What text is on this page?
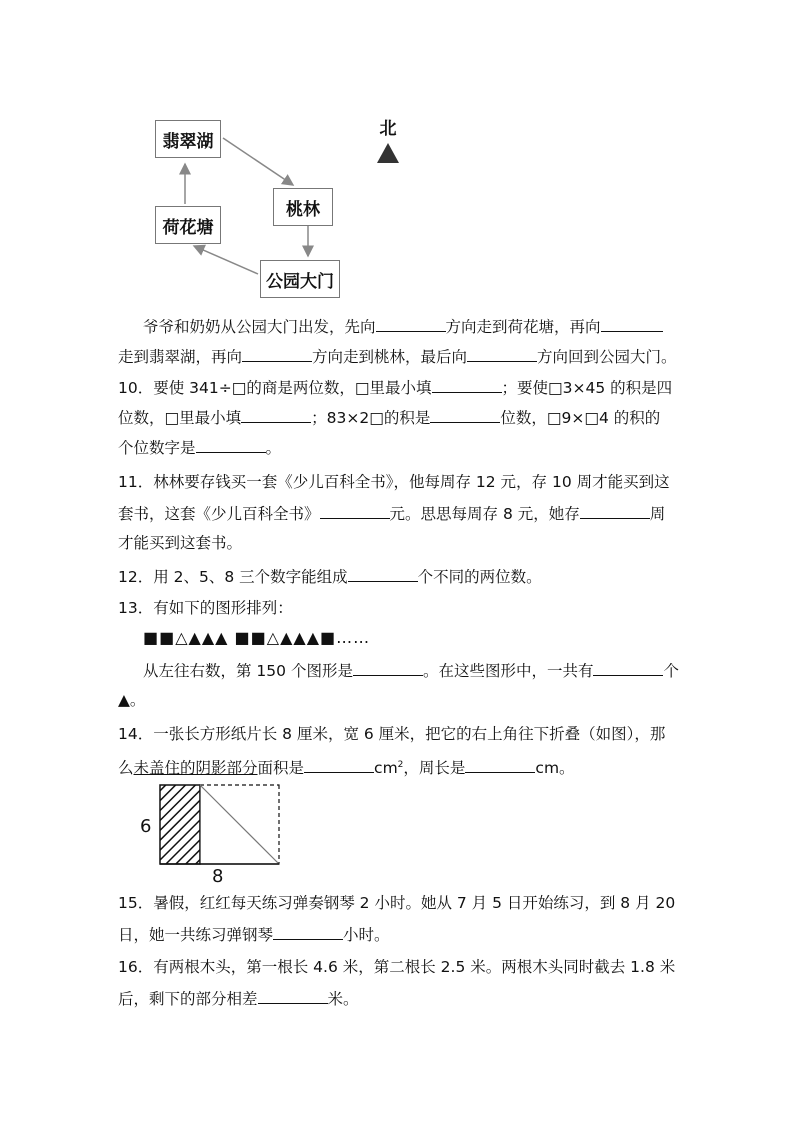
翡翠湖
桃林
荷花塘
公园大门
北
爷爷和奶奶从公园大门出发，先向	方向走到荷花塘，再向
走到翡翠湖，再向	方向走到桃林，最后向	方向回到公园大门。
10．要使 341÷□的商是两位数，□里最小填	；要使□3×45 的积是四
位数，□里最小填	；83×2□的积是	位数，□9×□4 的积的
个位数字是	。
11．林林要存钱买一套《少儿百科全书》，他每周存 12 元，存 10 周才能买到这
套书，这套《少儿百科全书》	元。思思每周存 8 元，她存	周
才能买到这套书。
12．用 2、5、8 三个数字能组成	个不同的两位数。
13．有如下的图形排列：
■■△▲▲▲ ■■△▲▲▲■……
从左往右数，第 150 个图形是	。在这些图形中，一共有	个
▲。
14．一张长方形纸片长 8 厘米，宽 6 厘米，把它的右上角往下折叠（如图），那
么未盖住的阴影部分面积是	$cm^2$，周长是	cm。
6
8
15．暑假，红红每天练习弹奏钢琴 2 小时。她从 7 月 5 日开始练习，到 8 月 20
日，她一共练习弹钢琴	小时。
16．有两根木头，第一根长 4.6 米，第二根长 2.5 米。两根木头同时截去 1.8 米
后，剩下的部分相差	米。
